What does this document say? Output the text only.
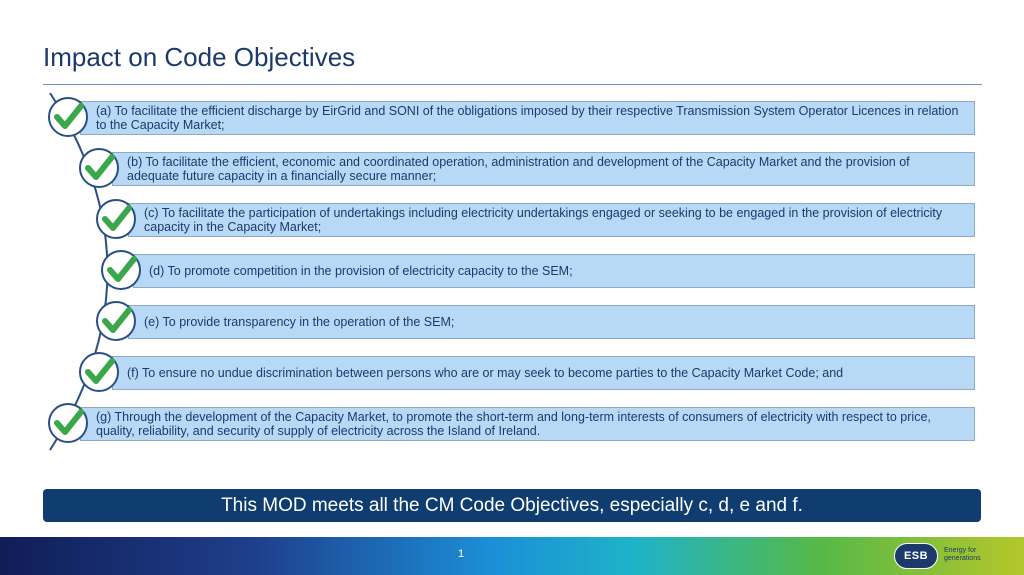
Impact on Code Objectives
(a) To facilitate the efficient discharge by EirGrid and SONI of the obligations imposed by their respective Transmission System Operator Licences in relation to the Capacity Market;
(b) To facilitate the efficient, economic and coordinated operation, administration and development of the Capacity Market and the provision of adequate future capacity in a financially secure manner;
(c) To facilitate the participation of undertakings including electricity undertakings engaged or seeking to be engaged in the provision of electricity capacity in the Capacity Market;
(d) To promote competition in the provision of electricity capacity to the SEM;
(e) To provide transparency in the operation of the SEM;
(f) To ensure no undue discrimination between persons who are or may seek to become parties to the Capacity Market Code; and
(g) Through the development of the Capacity Market, to promote the short-term and long-term interests of consumers of electricity with respect to price, quality, reliability, and security of supply of electricity across the Island of Ireland.
This MOD meets all the CM Code Objectives, especially c, d, e and f.
1	ESB	Energy for generations
